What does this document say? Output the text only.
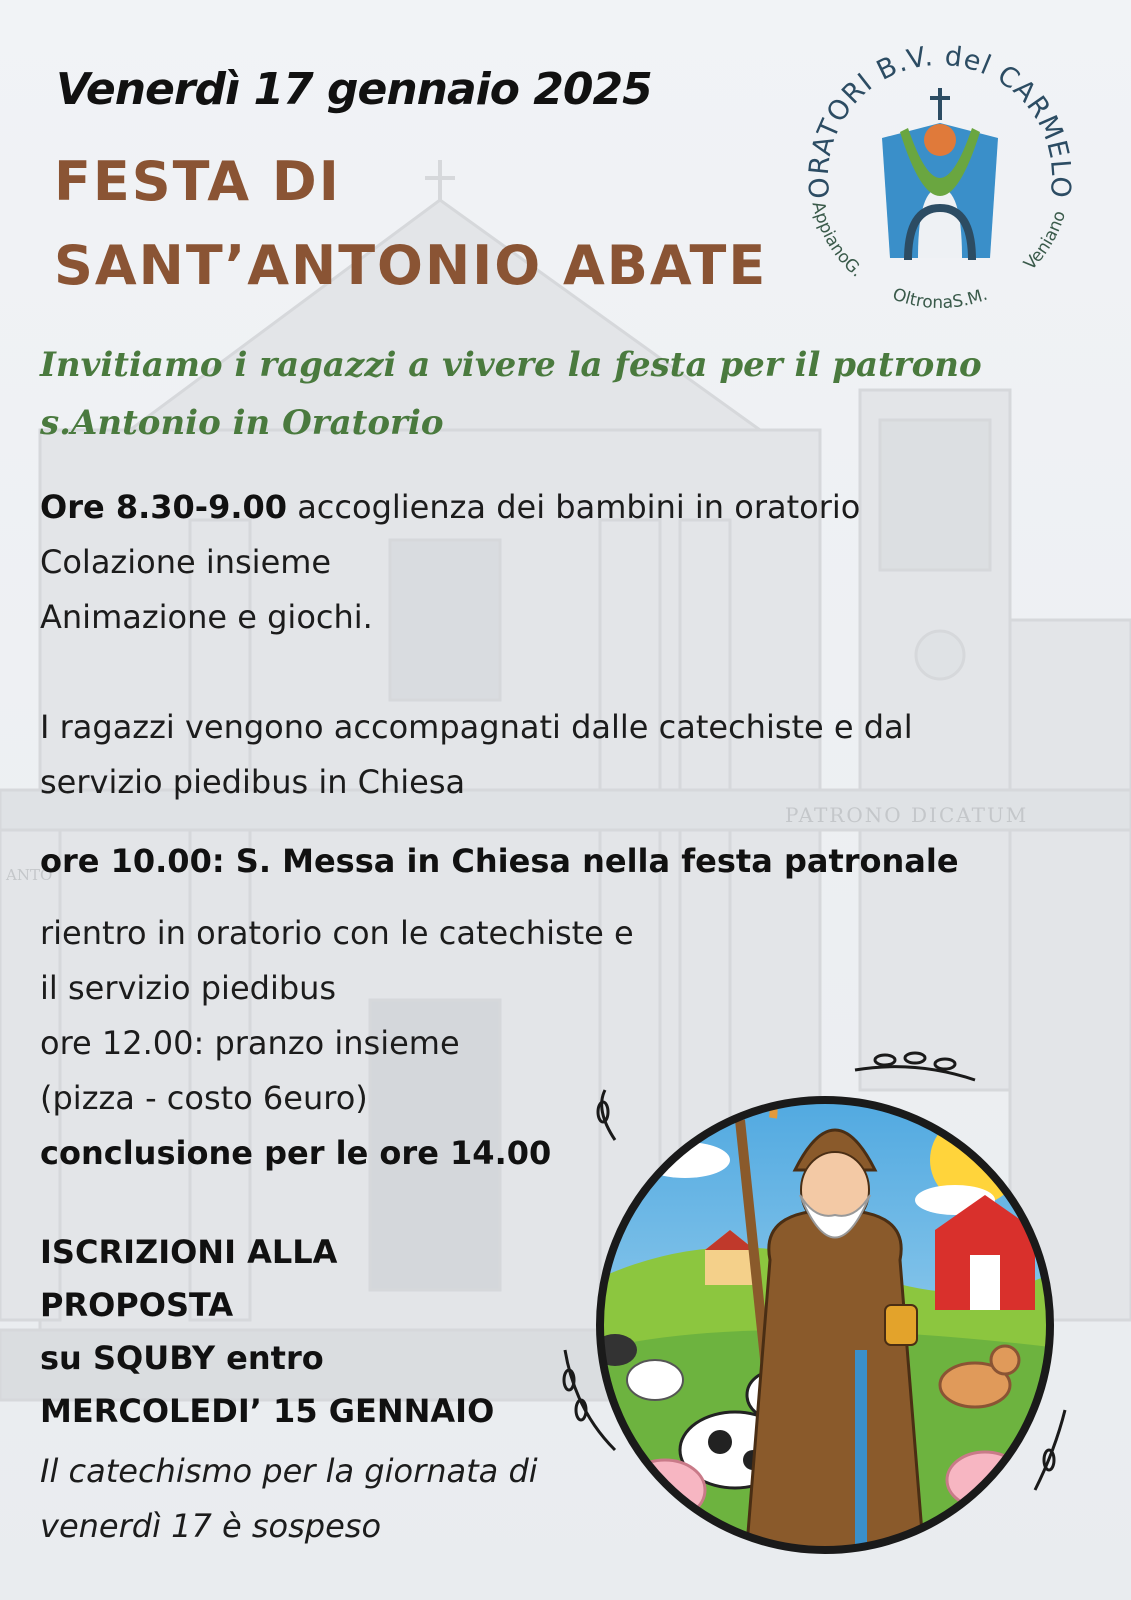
PATRONO DICATUM
ANTO
ORATORI B.V. del CARMELO
AppianoG.
OltronaS.M.
Veniano
Venerdì 17 gennaio 2025
FESTA DI
SANT’ANTONIO ABATE
Invitiamo i ragazzi a vivere la festa per il patrono
s.Antonio in Oratorio
Ore 8.30-9.00 accoglienza dei bambini in oratorio
Colazione insieme
Animazione e giochi.
I ragazzi vengono accompagnati dalle catechiste e dal
servizio piedibus in Chiesa
ore 10.00: S. Messa in Chiesa nella festa patronale
rientro in oratorio con le catechiste e
il servizio piedibus
ore 12.00: pranzo insieme
(pizza - costo 6euro)
conclusione per le ore 14.00
ISCRIZIONI ALLA
PROPOSTA
su SQUBY entro
MERCOLEDI’ 15 GENNAIO
Il catechismo per la giornata di
venerdì 17 è sospeso
